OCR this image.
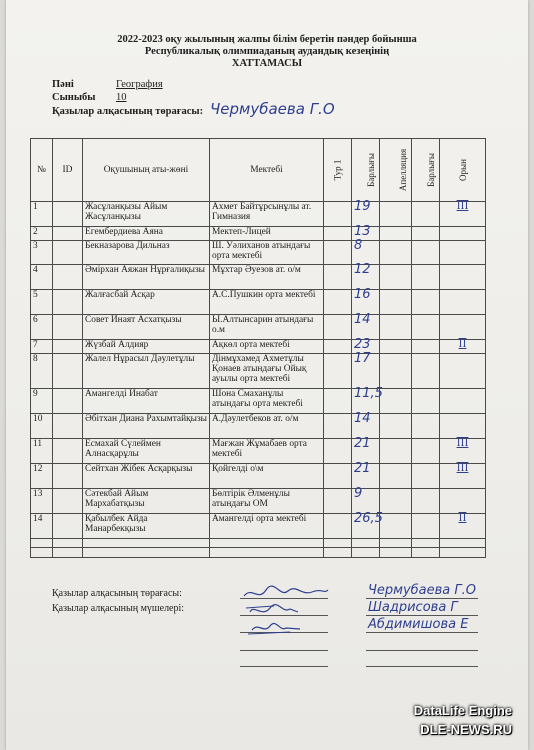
2022-2023 оқу жылының жалпы білім беретін пәндер бойынша
Республикалық олимпиаданың аудандық кезеңінің
ХАТТАМАСЫ
Пәні	География
Сыныбы 10
Қазылар алқасының төрағасы: Чермубаева Г.О
№	ID	Оқушының аты-жөні	Мектебі	Тур 1	Барлығы	Апелляция	Барлығы	Орын
1		Жасұланқызы Айым Жасұланқызы	Ахмет Байтұрсынұлы ат. Гимназия		19			III
2		Егембердиева Аяна	Мектеп-Лицей		13			
3		Бекназарова Дильназ	Ш. Уәлиханов атындағы орта мектебі		8			
4		Әмірхан Аяжан Нұрғалиқызы	Мұхтар Әуезов ат. о/м		12			
5		Жалғасбай Асқар	А.С.Пушкин орта мектебі		16			
6		Совет Инаят Асхатқызы	Ы.Алтынсарин атындағы о.м		14			
7		Жүзбай Алдияр	Ақкөл орта мектебі		23			II
8		Жалел Нұрасыл Дәулетұлы	Дінмұхамед Ахметұлы Қонаев атындағы Ойық ауылы орта мектебі		17			
9		Амангелді Инабат	Шона Смаханұлы атындағы орта мектебі		11,5			
10		Әбітхан Диана Рахымтайқызы	А.Дәулетбеков ат. о/м		14			
11		Есмахай Сүлеймен Алнасқарұлы	Мағжан Жұмабаев орта мектебі		21			III
12		Сейтхан Жібек Асқарқызы	Қойгелді о\м		21			III
13		Сәтекбай Айым Мархабатқызы	Бөлтірік Әлменұлы атындағы ОМ		9			
14		Қабылбек Айда Манарбекқызы	Амангелді орта мектебі		26,5			II

Қазылар алқасының төрағасы:
Қазылар алқасының мүшелері:
Чермубаева Г.О
Шадрисова Г
Абдимишова Е
DataLife Engine
DLE-NEWS.RU
